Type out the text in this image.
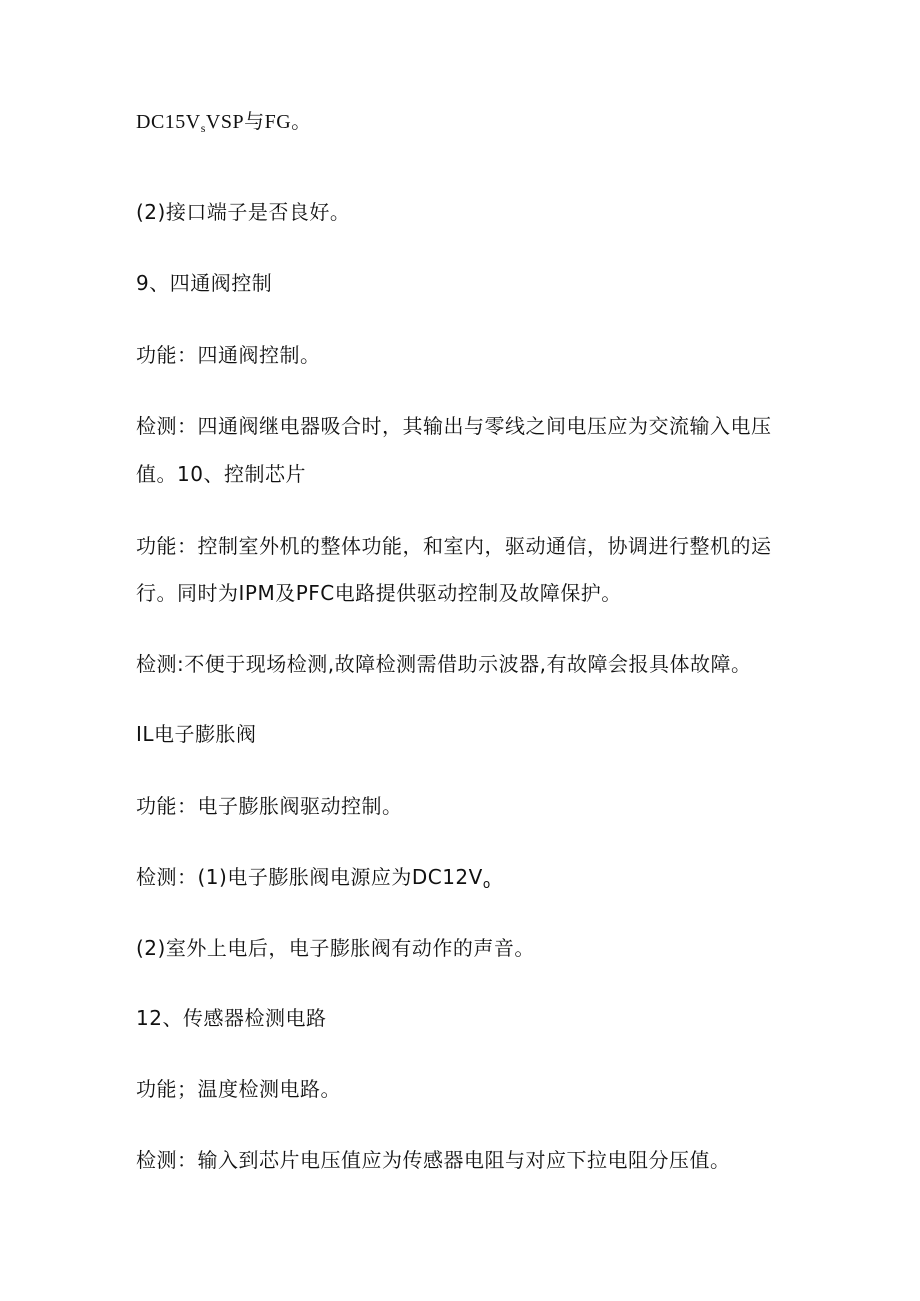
$DC15V_sVSP$与FG。
(2)接口端子是否良好。
9、四通阀控制
功能：四通阀控制。
检测：四通阀继电器吸合时，其输出与零线之间电压应为交流输入电压
值。10、控制芯片
功能：控制室外机的整体功能，和室内，驱动通信，协调进行整机的运
行。同时为IPM及PFC电路提供驱动控制及故障保护。
检测:不便于现场检测,故障检测需借助示波器,有故障会报具体故障。
IL电子膨胀阀
功能：电子膨胀阀驱动控制。
检测：(1)电子膨胀阀电源应为$DC12V_o$
(2)室外上电后，电子膨胀阀有动作的声音。
12、传感器检测电路
功能；温度检测电路。
检测：输入到芯片电压值应为传感器电阻与对应下拉电阻分压值。
